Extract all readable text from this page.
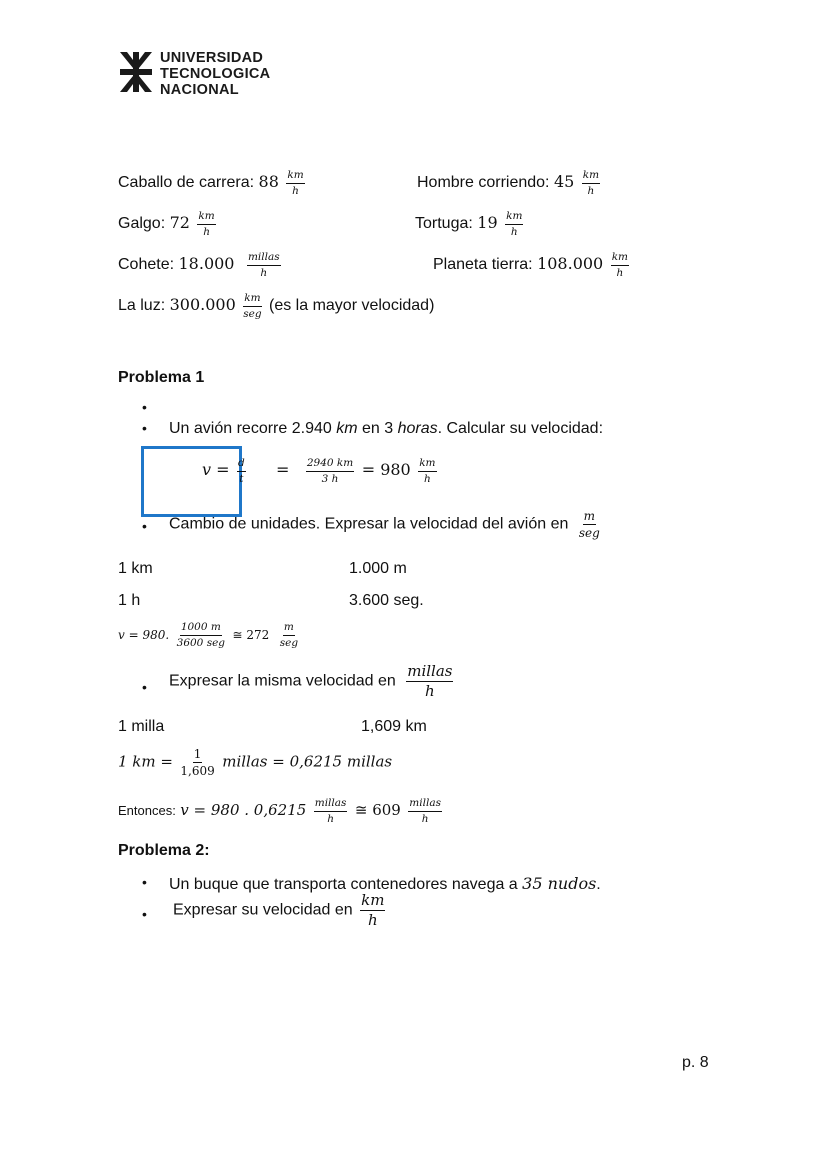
UNIVERSIDAD
TECNOLOGICA
NACIONAL
Caballo de carrera: $88 \frac{km}{h}$	Hombre corriendo: $45 \frac{km}{h}$
Galgo: $72 \frac{km}{h}$	Tortuga: $19 \frac{km}{h}$
Cohete: $18.000 \frac{\text{millas}}{h}$	Planeta tierra: $108.000 \frac{km}{h}$
La luz: $300.000 \frac{km}{\text{seg}} (es$ la mayor velocidad)
Problema 1
•
• Un avión recorre 2.940 km en 3 horas. Calcular su velocidad:
$v = \frac{d}{t} = \frac{2940 km}{3 h} = 980 \frac{km}{h}$
• Cambio de unidades. Expresar la velocidad del avión en $\frac{m}{\text{seg}}$
1 km	1.000 m
1 h	3.600 seg.
v = 980. $\frac{1000 m}{\text{3600 seg}}$ ≅ $272 \frac{m}{\text{seg}}$
• Expresar la misma velocidad en $\frac{\text{millas}}{h}$
1 milla	1,609 km
1 km = $\frac{1}{1,609}$ millas = 0,6215 millas
Entonces: v = 980 . $0,6215 \frac{\text{millas}}{h}$ ≅ $609 \frac{\text{millas}}{h}$
Problema 2:
• Un buque que transporta contenedores navega a 35 nudos.
• Expresar su velocidad en $\frac{km}{h}$
p. 8
